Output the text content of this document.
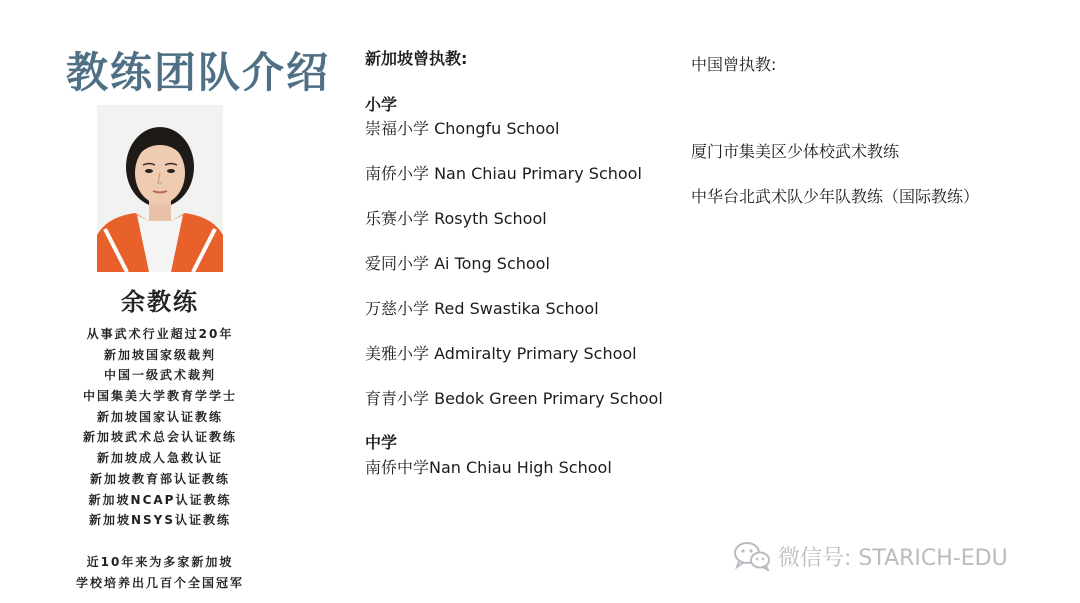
教练团队介绍
余教练
从事武术行业超过20年
新加坡国家级裁判
中国一级武术裁判
中国集美大学教育学学士
新加坡国家认证教练
新加坡武术总会认证教练
新加坡成人急救认证
新加坡教育部认证教练
新加坡NCAP认证教练
新加坡NSYS认证教练
近10年来为多家新加坡
学校培养出几百个全国冠军
新加坡曾执教:
小学
崇福小学 Chongfu School
南侨小学 Nan Chiau Primary School
乐赛小学 Rosyth School
爱同小学 Ai Tong School
万慈小学 Red Swastika School
美雅小学 Admiralty Primary School
育青小学 Bedok Green Primary School
中学
南侨中学Nan Chiau High School
中国曾执教:
厦门市集美区少体校武术教练
中华台北武术队少年队教练（国际教练）
微信号: STARICH-EDU
